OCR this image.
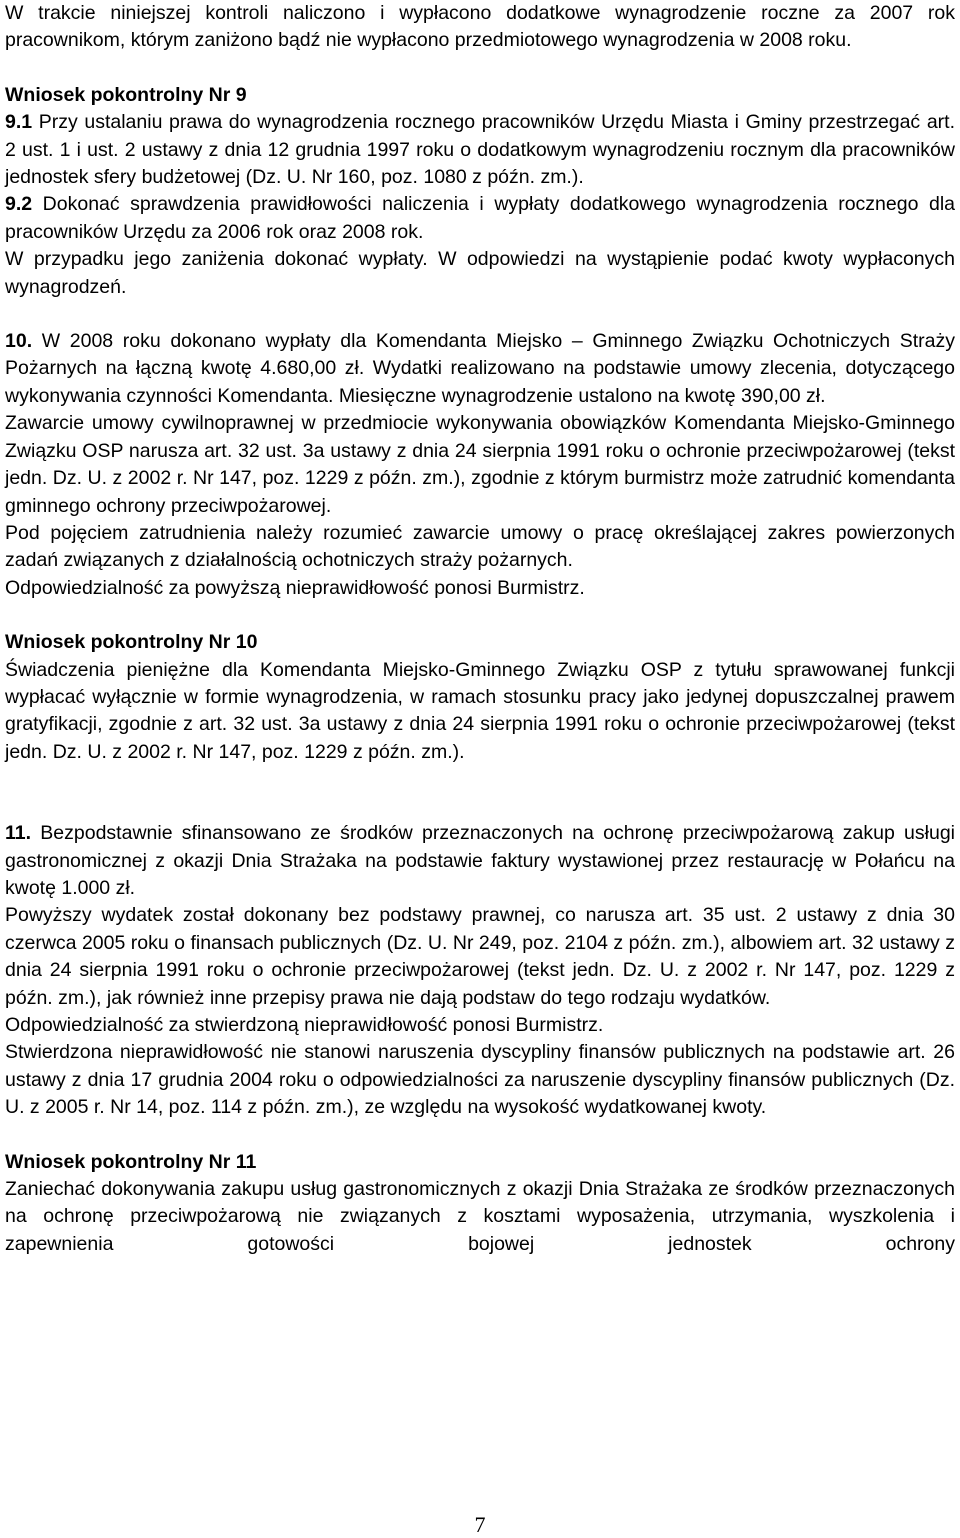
W trakcie niniejszej kontroli naliczono i wypłacono dodatkowe wynagrodzenie roczne za 2007 rok pracownikom, którym zaniżono bądź nie wypłacono przedmiotowego wynagrodzenia w 2008 roku.

Wniosek pokontrolny Nr 9

9.1 Przy ustalaniu prawa do wynagrodzenia rocznego pracowników Urzędu Miasta i Gminy przestrzegać art. 2 ust. 1 i ust. 2 ustawy z dnia 12 grudnia 1997 roku o dodatkowym wynagrodzeniu rocznym dla pracowników jednostek sfery budżetowej (Dz. U. Nr 160, poz. 1080 z późn. zm.).

9.2 Dokonać sprawdzenia prawidłowości naliczenia i wypłaty dodatkowego wynagrodzenia rocznego dla pracowników Urzędu za 2006 rok oraz 2008 rok.

W przypadku jego zaniżenia dokonać wypłaty. W odpowiedzi na wystąpienie podać kwoty wypłaconych wynagrodzeń.

10. W 2008 roku dokonano wypłaty dla Komendanta Miejsko – Gminnego Związku Ochotniczych Straży Pożarnych na łączną kwotę 4.680,00 zł. Wydatki realizowano na podstawie umowy zlecenia, dotyczącego wykonywania czynności Komendanta. Miesięczne wynagrodzenie ustalono na kwotę 390,00 zł.

Zawarcie umowy cywilnoprawnej w przedmiocie wykonywania obowiązków Komendanta Miejsko-Gminnego Związku OSP narusza art. 32 ust. 3a ustawy z dnia 24 sierpnia 1991 roku o ochronie przeciwpożarowej (tekst jedn. Dz. U. z 2002 r. Nr 147, poz. 1229 z późn. zm.), zgodnie z którym burmistrz może zatrudnić komendanta gminnego ochrony przeciwpożarowej.

Pod pojęciem zatrudnienia należy rozumieć zawarcie umowy o pracę określającej zakres powierzonych zadań związanych z działalnością ochotniczych straży pożarnych.

Odpowiedzialność za powyższą nieprawidłowość ponosi Burmistrz.

Wniosek pokontrolny Nr 10

Świadczenia pieniężne dla Komendanta Miejsko-Gminnego Związku OSP z tytułu sprawowanej funkcji wypłacać wyłącznie w formie wynagrodzenia, w ramach stosunku pracy jako jedynej dopuszczalnej prawem gratyfikacji, zgodnie z art. 32 ust. 3a ustawy z dnia 24 sierpnia 1991 roku o ochronie przeciwpożarowej (tekst jedn. Dz. U. z 2002 r. Nr 147, poz. 1229 z późn. zm.).

11. Bezpodstawnie sfinansowano ze środków przeznaczonych na ochronę przeciwpożarową zakup usługi gastronomicznej z okazji Dnia Strażaka na podstawie faktury wystawionej przez restaurację w Połańcu na kwotę 1.000 zł.

Powyższy wydatek został dokonany bez podstawy prawnej, co narusza art. 35 ust. 2 ustawy z dnia 30 czerwca 2005 roku o finansach publicznych (Dz. U. Nr 249, poz. 2104 z późn. zm.), albowiem art. 32 ustawy z dnia 24 sierpnia 1991 roku o ochronie przeciwpożarowej (tekst jedn. Dz. U. z 2002 r. Nr 147, poz. 1229 z późn. zm.), jak również inne przepisy prawa nie dają podstaw do tego rodzaju wydatków.

Odpowiedzialność za stwierdzoną nieprawidłowość ponosi Burmistrz.

Stwierdzona nieprawidłowość nie stanowi naruszenia dyscypliny finansów publicznych na podstawie art. 26 ustawy z dnia 17 grudnia 2004 roku o odpowiedzialności za naruszenie dyscypliny finansów publicznych (Dz. U. z 2005 r. Nr 14, poz. 114 z późn. zm.), ze względu na wysokość wydatkowanej kwoty.

Wniosek pokontrolny Nr 11

Zaniechać dokonywania zakupu usług gastronomicznych z okazji Dnia Strażaka ze środków przeznaczonych na ochronę przeciwpożarową nie związanych z kosztami wyposażenia, utrzymania, wyszkolenia i zapewnienia gotowości bojowej jednostek ochrony

7
